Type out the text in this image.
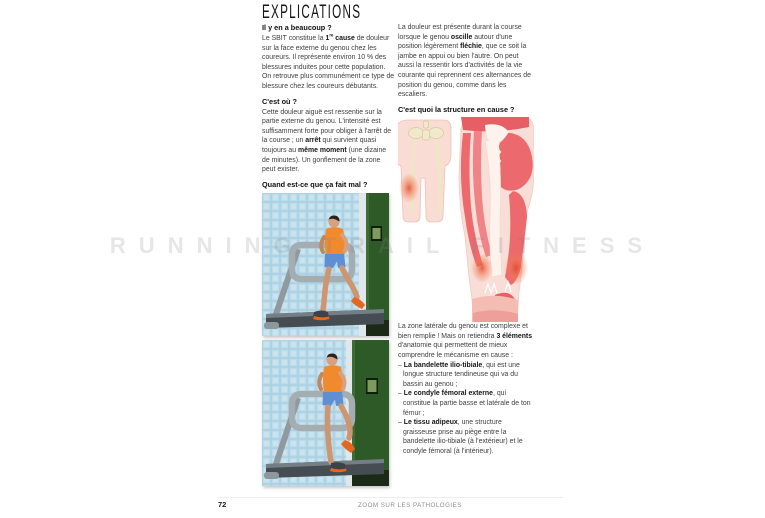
EXPLICATIONS
Il y en a beaucoup ?

Le SBIT constitue la 1re cause de douleur sur la face externe du genou chez les coureurs. Il représente environ 10 % des blessures induites pour cette population. On retrouve plus communément ce type de blessure chez les coureurs débutants.

C'est où ?

Cette douleur aiguë est ressentie sur la partie externe du genou. L'intensité est suffisamment forte pour obliger à l'arrêt de la course ; un arrêt qui survient quasi toujours au même moment (une dizaine de minutes). Un gonflement de la zone peut exister.

Quand est-ce que ça fait mal ?

La douleur est présente durant la course lorsque le genou oscille autour d'une position légèrement fléchie, que ce soit la jambe en appui ou bien l'autre. On peut aussi la ressentir lors d'activités de la vie courante qui reprennent ces alternances de position du genou, comme dans les escaliers.

C'est quoi la structure en cause ?

La zone latérale du genou est complexe et bien remplie ! Mais on retiendra 3 éléments d'anatomie qui permettent de mieux comprendre le mécanisme en cause :

– La bandelette ilio-tibiale, qui est une longue structure tendineuse qui va du bassin au genou ;

– Le condyle fémoral externe, qui constitue la partie basse et latérale de ton fémur ;

– Le tissu adipeux, une structure graisseuse prise au piège entre la bandelette ilio-tibiale (à l'extérieur) et le condyle fémoral (à l'intérieur).

RUNNING TRAIL FITNESS
72	ZOOM SUR LES PATHOLOGIES
